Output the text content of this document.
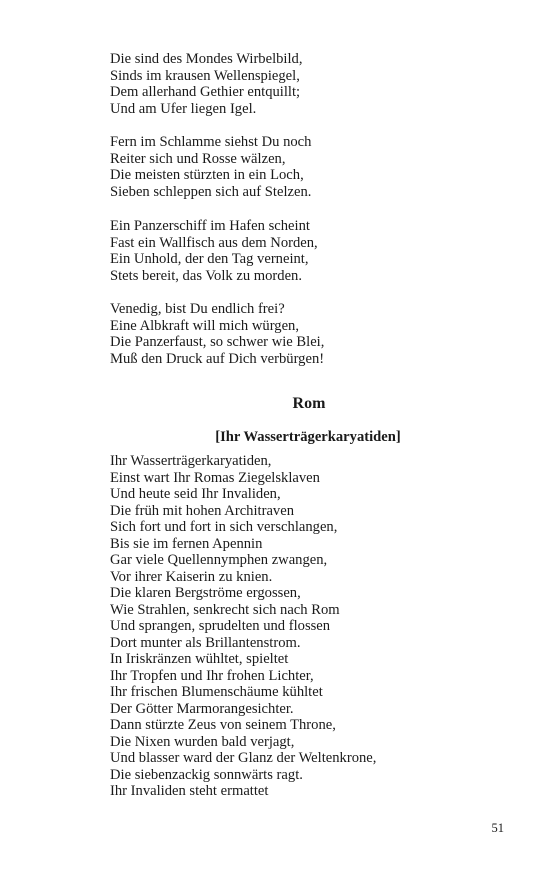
Die sind des Mondes Wirbelbild,
Sinds im krausen Wellenspiegel,
Dem allerhand Gethier entquillt;
Und am Ufer liegen Igel.
Fern im Schlamme siehst Du noch
Reiter sich und Rosse wälzen,
Die meisten stürzten in ein Loch,
Sieben schleppen sich auf Stelzen.
Ein Panzerschiff im Hafen scheint
Fast ein Wallfisch aus dem Norden,
Ein Unhold, der den Tag verneint,
Stets bereit, das Volk zu morden.
Venedig, bist Du endlich frei?
Eine Albkraft will mich würgen,
Die Panzerfaust, so schwer wie Blei,
Muß den Druck auf Dich verbürgen!
Rom
[Ihr Wasserträgerkaryatiden]
Ihr Wasserträgerkaryatiden,
Einst wart Ihr Romas Ziegelsklaven
Und heute seid Ihr Invaliden,
Die früh mit hohen Architraven
Sich fort und fort in sich verschlangen,
Bis sie im fernen Apennin
Gar viele Quellennymphen zwangen,
Vor ihrer Kaiserin zu knien.
Die klaren Bergströme ergossen,
Wie Strahlen, senkrecht sich nach Rom
Und sprangen, sprudelten und flossen
Dort munter als Brillantenstrom.
In Iriskränzen wühltet, spieltet
Ihr Tropfen und Ihr frohen Lichter,
Ihr frischen Blumenschäume kühltet
Der Götter Marmorangesichter.
Dann stürzte Zeus von seinem Throne,
Die Nixen wurden bald verjagt,
Und blasser ward der Glanz der Weltenkrone,
Die siebenzackig sonnwärts ragt.
Ihr Invaliden steht ermattet
51
